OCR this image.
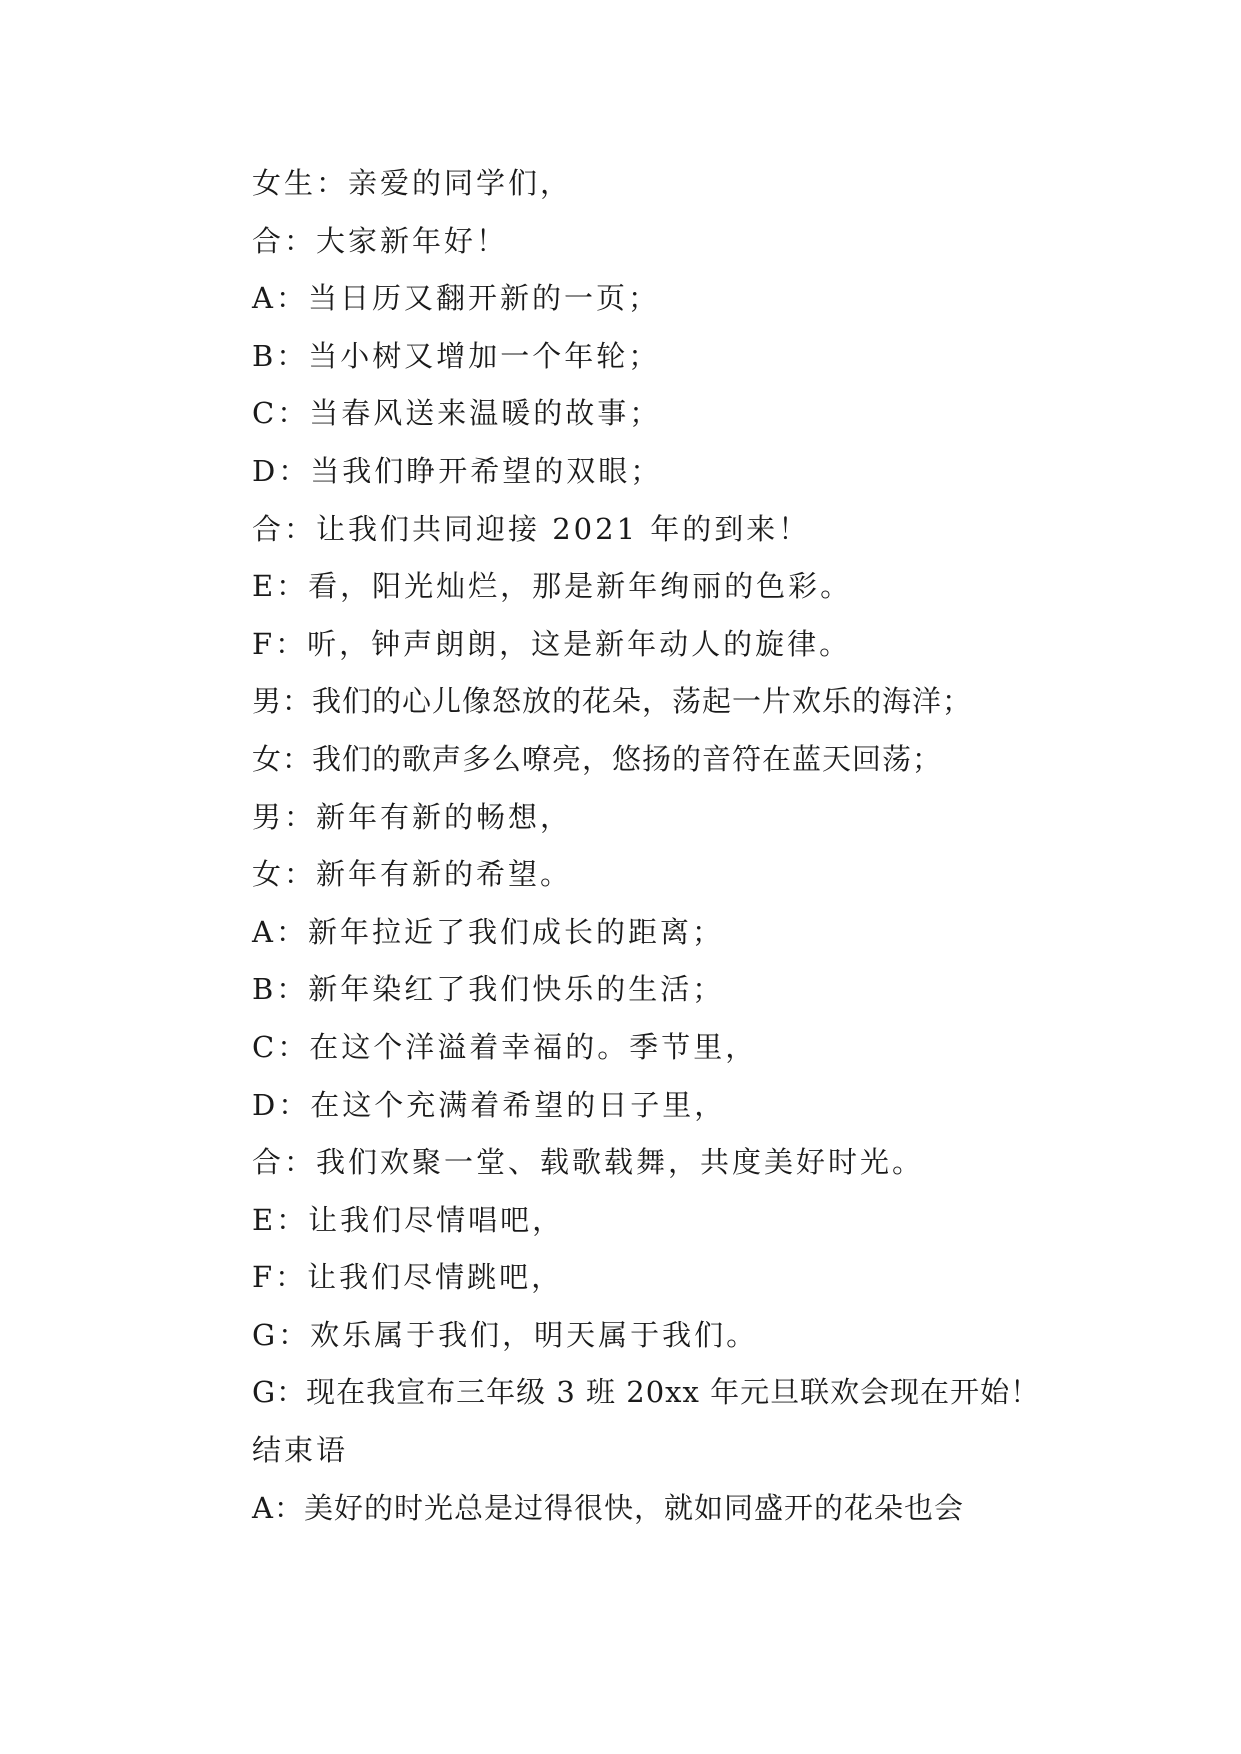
女生：亲爱的同学们，
合：大家新年好！
A：当日历又翻开新的一页；
B：当小树又增加一个年轮；
C：当春风送来温暖的故事；
D：当我们睁开希望的双眼；
合：让我们共同迎接 2021 年的到来！
E：看，阳光灿烂，那是新年绚丽的色彩。
F：听，钟声朗朗，这是新年动人的旋律。
男：我们的心儿像怒放的花朵，荡起一片欢乐的海洋；
女：我们的歌声多么嘹亮，悠扬的音符在蓝天回荡；
男：新年有新的畅想，
女：新年有新的希望。
A：新年拉近了我们成长的距离；
B：新年染红了我们快乐的生活；
C：在这个洋溢着幸福的。季节里，
D：在这个充满着希望的日子里，
合：我们欢聚一堂、载歌载舞，共度美好时光。
E：让我们尽情唱吧，
F：让我们尽情跳吧，
G：欢乐属于我们，明天属于我们。
G：现在我宣布三年级 3 班 20xx 年元旦联欢会现在开始！
结束语
A：美好的时光总是过得很快，就如同盛开的花朵也会
